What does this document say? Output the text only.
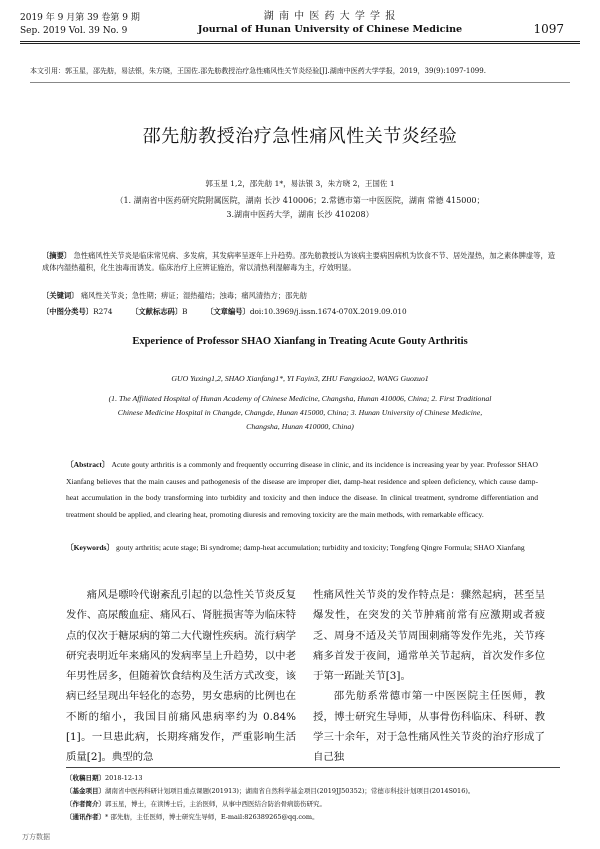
2019 年 9 月第 39 卷第 9 期
Sep. 2019 Vol. 39 No. 9
湖 南 中 医 药 大 学 学 报
Journal of Hunan University of Chinese Medicine	1097
本文引用：郭玉星，邵先舫，易法银，朱方晓，王国佐.邵先舫教授治疗急性痛风性关节炎经验[J].湖南中医药大学学报，2019，39(9):1097-1099.
邵先舫教授治疗急性痛风性关节炎经验
郭玉星 1,2，邵先舫 1*，易法银 3，朱方晓 2，王国佐 1
（1. 湖南省中医药研究院附属医院，湖南 长沙 410006；2.常德市第一中医医院，湖南 常德 415000；
3.湖南中医药大学，湖南 长沙 410208）
〔摘要〕 急性痛风性关节炎是临床常见病、多发病，其发病率呈逐年上升趋势。邵先舫教授认为该病主要病因病机为饮食不节、居处湿热，加之素体脾虚等，造成体内湿热蕴积，化生浊毒而诱发。临床治疗上应辨证施治，常以清热利湿解毒为主，疗效明显。
〔关键词〕 痛风性关节炎；急性期；痹证；湿热蕴结；浊毒；痛风清热方；邵先舫
〔中图分类号〕R274	〔文献标志码〕B	〔文章编号〕doi:10.3969/j.issn.1674-070X.2019.09.010
Experience of Professor SHAO Xianfang in Treating Acute Gouty Arthritis
GUO Yuxing1,2, SHAO Xianfang1*, YI Fayin3, ZHU Fangxiao2, WANG Guozuo1
(1. The Affiliated Hospital of Hunan Academy of Chinese Medicine, Changsha, Hunan 410006, China; 2. First Traditional
Chinese Medicine Hospital in Changde, Changde, Hunan 415000, China; 3. Hunan University of Chinese Medicine,
Changsha, Hunan 410000, China)
〔Abstract〕 Acute gouty arthritis is a commonly and frequently occurring disease in clinic, and its incidence is increasing year by year. Professor SHAO Xianfang believes that the main causes and pathogenesis of the disease are improper diet, damp-heat residence and spleen deficiency, which cause damp-heat accumulation in the body transforming into turbidity and toxicity and then induce the disease. In clinical treatment, syndrome differentiation and treatment should be applied, and clearing heat, promoting diuresis and removing toxicity are the main methods, with remarkable efficacy.
〔Keywords〕 gouty arthritis; acute stage; Bi syndrome; damp-heat accumulation; turbidity and toxicity; Tongfeng Qingre Formula; SHAO Xianfang
痛风是嘌呤代谢紊乱引起的以急性关节炎反复发作、高尿酸血症、痛风石、肾脏损害等为临床特点的仅次于糖尿病的第二大代谢性疾病。流行病学研究表明近年来痛风的发病率呈上升趋势，以中老年男性居多，但随着饮食结构及生活方式改变，该病已经呈现出年轻化的态势，男女患病的比例也在不断的缩小，我国目前痛风患病率约为 0.84%[1]。一旦患此病，长期疼痛发作，严重影响生活质量[2]。典型的急
性痛风性关节炎的发作特点是：骤然起病，甚至呈爆发性，在突发的关节肿痛前常有应激期或者疲乏、周身不适及关节周围刺痛等发作先兆，关节疼痛多首发于夜间，通常单关节起病，首次发作多位于第一跖趾关节[3]。
邵先舫系常德市第一中医医院主任医师，教授，博士研究生导师，从事骨伤科临床、科研、教学三十余年，对于急性痛风性关节炎的治疗形成了自己独
〔收稿日期〕2018-12-13
〔基金项目〕湖南省中医药科研计划项目重点课题(201913)；湖南省自然科学基金项目(2019JJ50352)；常德市科技计划项目(2014S016)。
〔作者简介〕郭玉星，博士，在读博士后，主治医师，从事中西医结合防治骨病筋伤研究。
〔通讯作者〕* 邵先舫，主任医师，博士研究生导师，E-mail:826389265@qq.com。
万方数据
